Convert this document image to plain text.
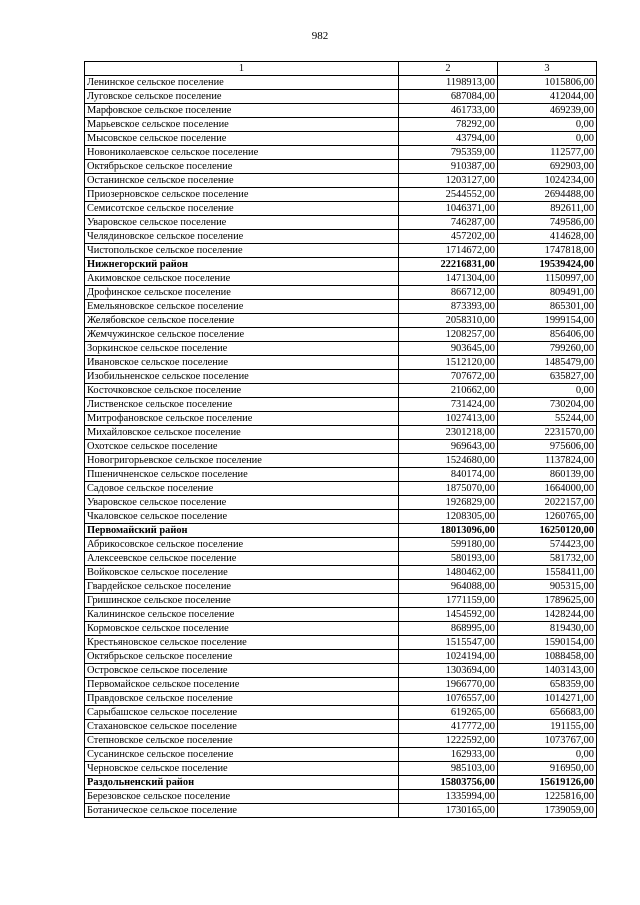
982
1	2	3
Ленинское сельское поселение	1198913,00	1015806,00
Луговское сельское поселение	687084,00	412044,00
Марфовское сельское поселение	461733,00	469239,00
Марьевское сельское поселение	78292,00	0,00
Мысовское сельское поселение	43794,00	0,00
Новониколаевское сельское поселение	795359,00	112577,00
Октябрьское сельское поселение	910387,00	692903,00
Останинское сельское поселение	1203127,00	1024234,00
Приозерновское сельское поселение	2544552,00	2694488,00
Семисотское сельское поселение	1046371,00	892611,00
Уваровское сельское поселение	746287,00	749586,00
Челядиновское сельское поселение	457202,00	414628,00
Чистопольское сельское поселение	1714672,00	1747818,00
Нижнегорский район	22216831,00	19539424,00
Акимовское сельское поселение	1471304,00	1150997,00
Дрофинское сельское поселение	866712,00	809491,00
Емельяновское сельское поселение	873393,00	865301,00
Желябовское сельское поселение	2058310,00	1999154,00
Жемчужинское сельское поселение	1208257,00	856406,00
Зоркинское сельское поселение	903645,00	799260,00
Ивановское сельское поселение	1512120,00	1485479,00
Изобильненское сельское поселение	707672,00	635827,00
Косточковское сельское поселение	210662,00	0,00
Лиственское сельское поселение	731424,00	730204,00
Митрофановское сельское поселение	1027413,00	55244,00
Михайловское сельское поселение	2301218,00	2231570,00
Охотское сельское поселение	969643,00	975606,00
Новогригорьевское сельское поселение	1524680,00	1137824,00
Пшеничненское сельское поселение	840174,00	860139,00
Садовое сельское поселение	1875070,00	1664000,00
Уваровское сельское поселение	1926829,00	2022157,00
Чкаловское сельское поселение	1208305,00	1260765,00
Первомайский район	18013096,00	16250120,00
Абрикосовское сельское поселение	599180,00	574423,00
Алексеевское сельское поселение	580193,00	581732,00
Войковское сельское поселение	1480462,00	1558411,00
Гвардейское сельское поселение	964088,00	905315,00
Гришинское сельское поселение	1771159,00	1789625,00
Калининское сельское поселение	1454592,00	1428244,00
Кормовское сельское поселение	868995,00	819430,00
Крестьяновское сельское поселение	1515547,00	1590154,00
Октябрьское сельское поселение	1024194,00	1088458,00
Островское сельское поселение	1303694,00	1403143,00
Первомайское сельское поселение	1966770,00	658359,00
Правдовское сельское поселение	1076557,00	1014271,00
Сарыбашское сельское поселение	619265,00	656683,00
Стахановское сельское поселение	417772,00	191155,00
Степновское сельское поселение	1222592,00	1073767,00
Сусанинское сельское поселение	162933,00	0,00
Черновское сельское поселение	985103,00	916950,00
Раздольненский район	15803756,00	15619126,00
Березовское сельское поселение	1335994,00	1225816,00
Ботаническое сельское поселение	1730165,00	1739059,00
